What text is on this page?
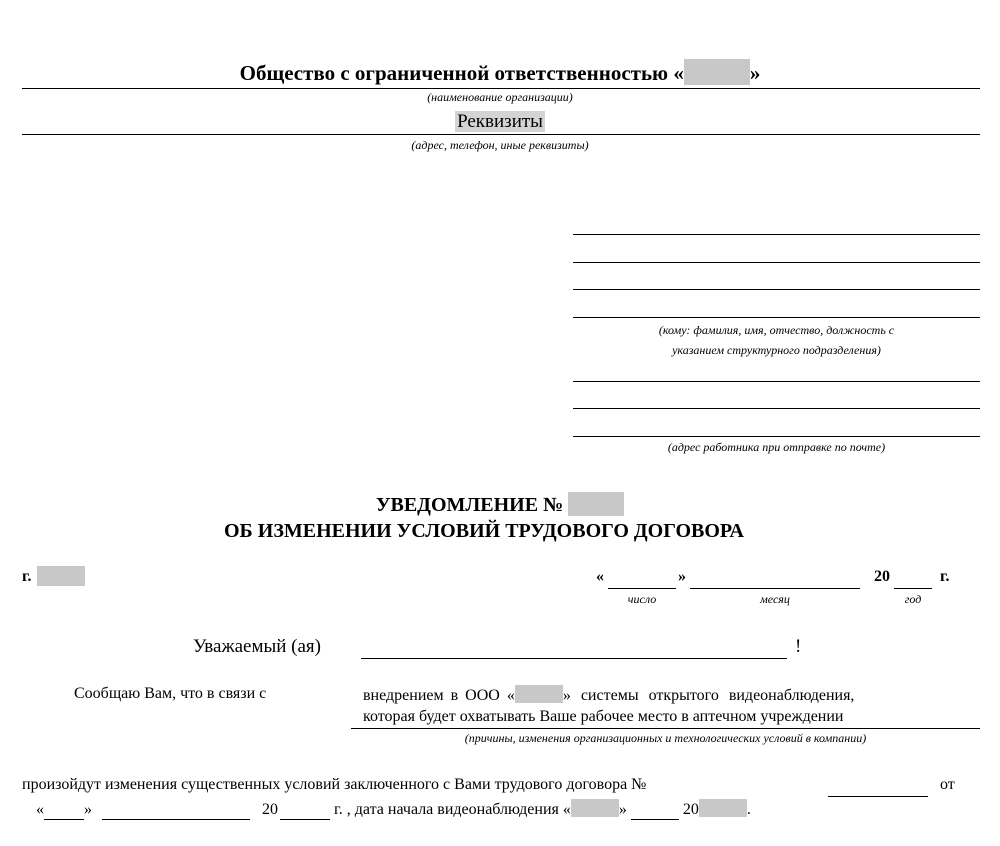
Общество с ограниченной ответственностью «	»
(наименование организации)
Реквизиты
(адрес, телефон, иные реквизиты)
(кому: фамилия, имя, отчество, должность с
указанием структурного подразделения)
(адрес работника при отправке по почте)
УВЕДОМЛЕНИЕ №
ОБ ИЗМЕНЕНИИ УСЛОВИЙ ТРУДОВОГО ДОГОВОРА
г.	«	»	20	г.
число	месяц	год
Уважаемый (ая)	!
Сообщаю Вам, что в связи с	внедрением в ООО «	» системы открытого видеонаблюдения,
которая будет охватывать Ваше рабочее место в аптечном учреждении
(причины, изменения организационных и технологических условий в компании)
произойдут изменения существенных условий заключенного с Вами трудового договора №	от
«	»	20	г. , дата начала видеонаблюдения «	»	20	.
